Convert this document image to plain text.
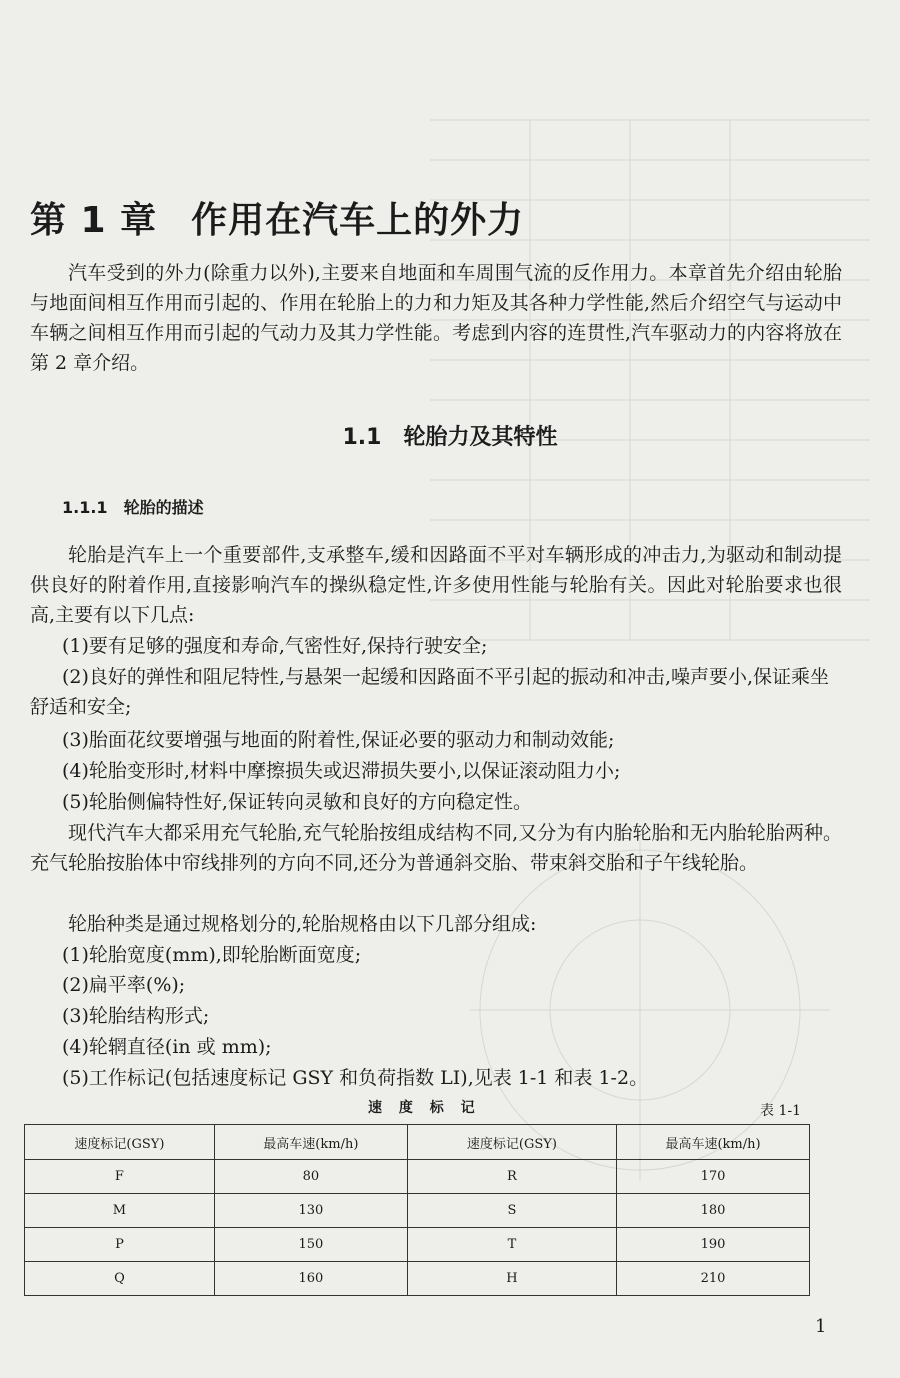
第 1 章 作用在汽车上的外力

汽车受到的外力(除重力以外),主要来自地面和车周围气流的反作用力。本章首先介绍由轮胎与地面间相互作用而引起的、作用在轮胎上的力和力矩及其各种力学性能,然后介绍空气与运动中车辆之间相互作用而引起的气动力及其力学性能。考虑到内容的连贯性,汽车驱动力的内容将放在第 2 章介绍。

1.1 轮胎力及其特性
1.1.1 轮胎的描述

轮胎是汽车上一个重要部件,支承整车,缓和因路面不平对车辆形成的冲击力,为驱动和制动提供良好的附着作用,直接影响汽车的操纵稳定性,许多使用性能与轮胎有关。因此对轮胎要求也很高,主要有以下几点:

(1)要有足够的强度和寿命,气密性好,保持行驶安全;

(2)良好的弹性和阻尼特性,与悬架一起缓和因路面不平引起的振动和冲击,噪声要小,保证乘坐舒适和安全;

(3)胎面花纹要增强与地面的附着性,保证必要的驱动力和制动效能;

(4)轮胎变形时,材料中摩擦损失或迟滞损失要小,以保证滚动阻力小;

(5)轮胎侧偏特性好,保证转向灵敏和良好的方向稳定性。

现代汽车大都采用充气轮胎,充气轮胎按组成结构不同,又分为有内胎轮胎和无内胎轮胎两种。充气轮胎按胎体中帘线排列的方向不同,还分为普通斜交胎、带束斜交胎和子午线轮胎。

轮胎种类是通过规格划分的,轮胎规格由以下几部分组成:

(1)轮胎宽度(mm),即轮胎断面宽度;

(2)扁平率(%);

(3)轮胎结构形式;

(4)轮辋直径(in 或 mm);

(5)工作标记(包括速度标记 GSY 和负荷指数 LI),见表 1-1 和表 1-2。

速 度 标 记	表 1-1

速度标记(GSY)	最高车速(km/h)	速度标记(GSY)	最高车速(km/h)
F	80	R	170
M	130	S	180
P	150	T	190
Q	160	H	210

1
